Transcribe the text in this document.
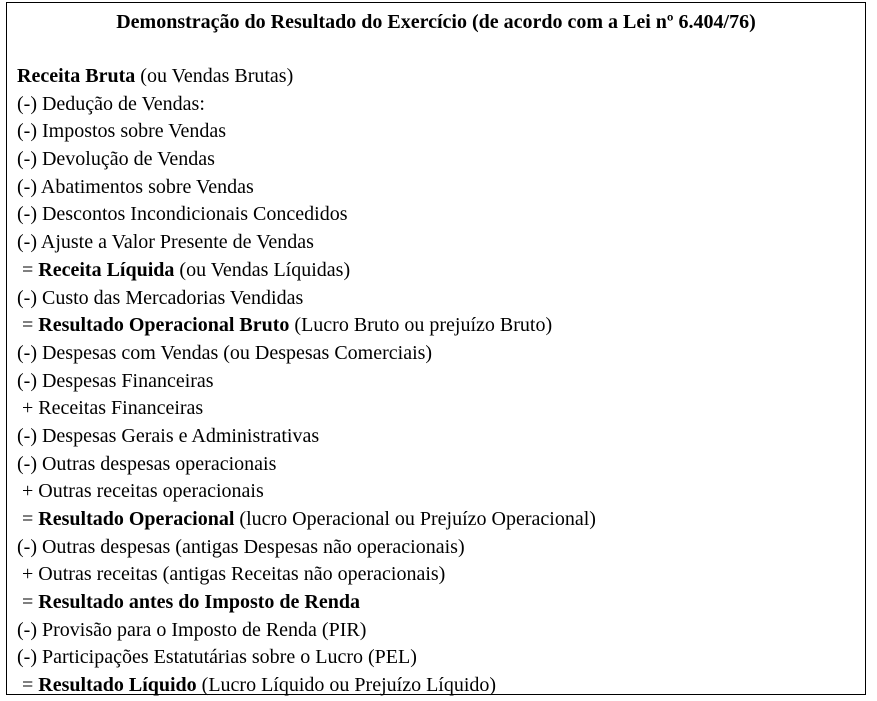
Demonstração do Resultado do Exercício (de acordo com a Lei nº 6.404/76)
Receita Bruta (ou Vendas Brutas)
(-) Dedução de Vendas:
(-) Impostos sobre Vendas
(-) Devolução de Vendas
(-) Abatimentos sobre Vendas
(-) Descontos Incondicionais Concedidos
(-) Ajuste a Valor Presente de Vendas
= Receita Líquida (ou Vendas Líquidas)
(-) Custo das Mercadorias Vendidas
= Resultado Operacional Bruto (Lucro Bruto ou prejuízo Bruto)
(-) Despesas com Vendas (ou Despesas Comerciais)
(-) Despesas Financeiras
+ Receitas Financeiras
(-) Despesas Gerais e Administrativas
(-) Outras despesas operacionais
+ Outras receitas operacionais
= Resultado Operacional (lucro Operacional ou Prejuízo Operacional)
(-) Outras despesas (antigas Despesas não operacionais)
+ Outras receitas (antigas Receitas não operacionais)
= Resultado antes do Imposto de Renda
(-) Provisão para o Imposto de Renda (PIR)
(-) Participações Estatutárias sobre o Lucro (PEL)
= Resultado Líquido (Lucro Líquido ou Prejuízo Líquido)
